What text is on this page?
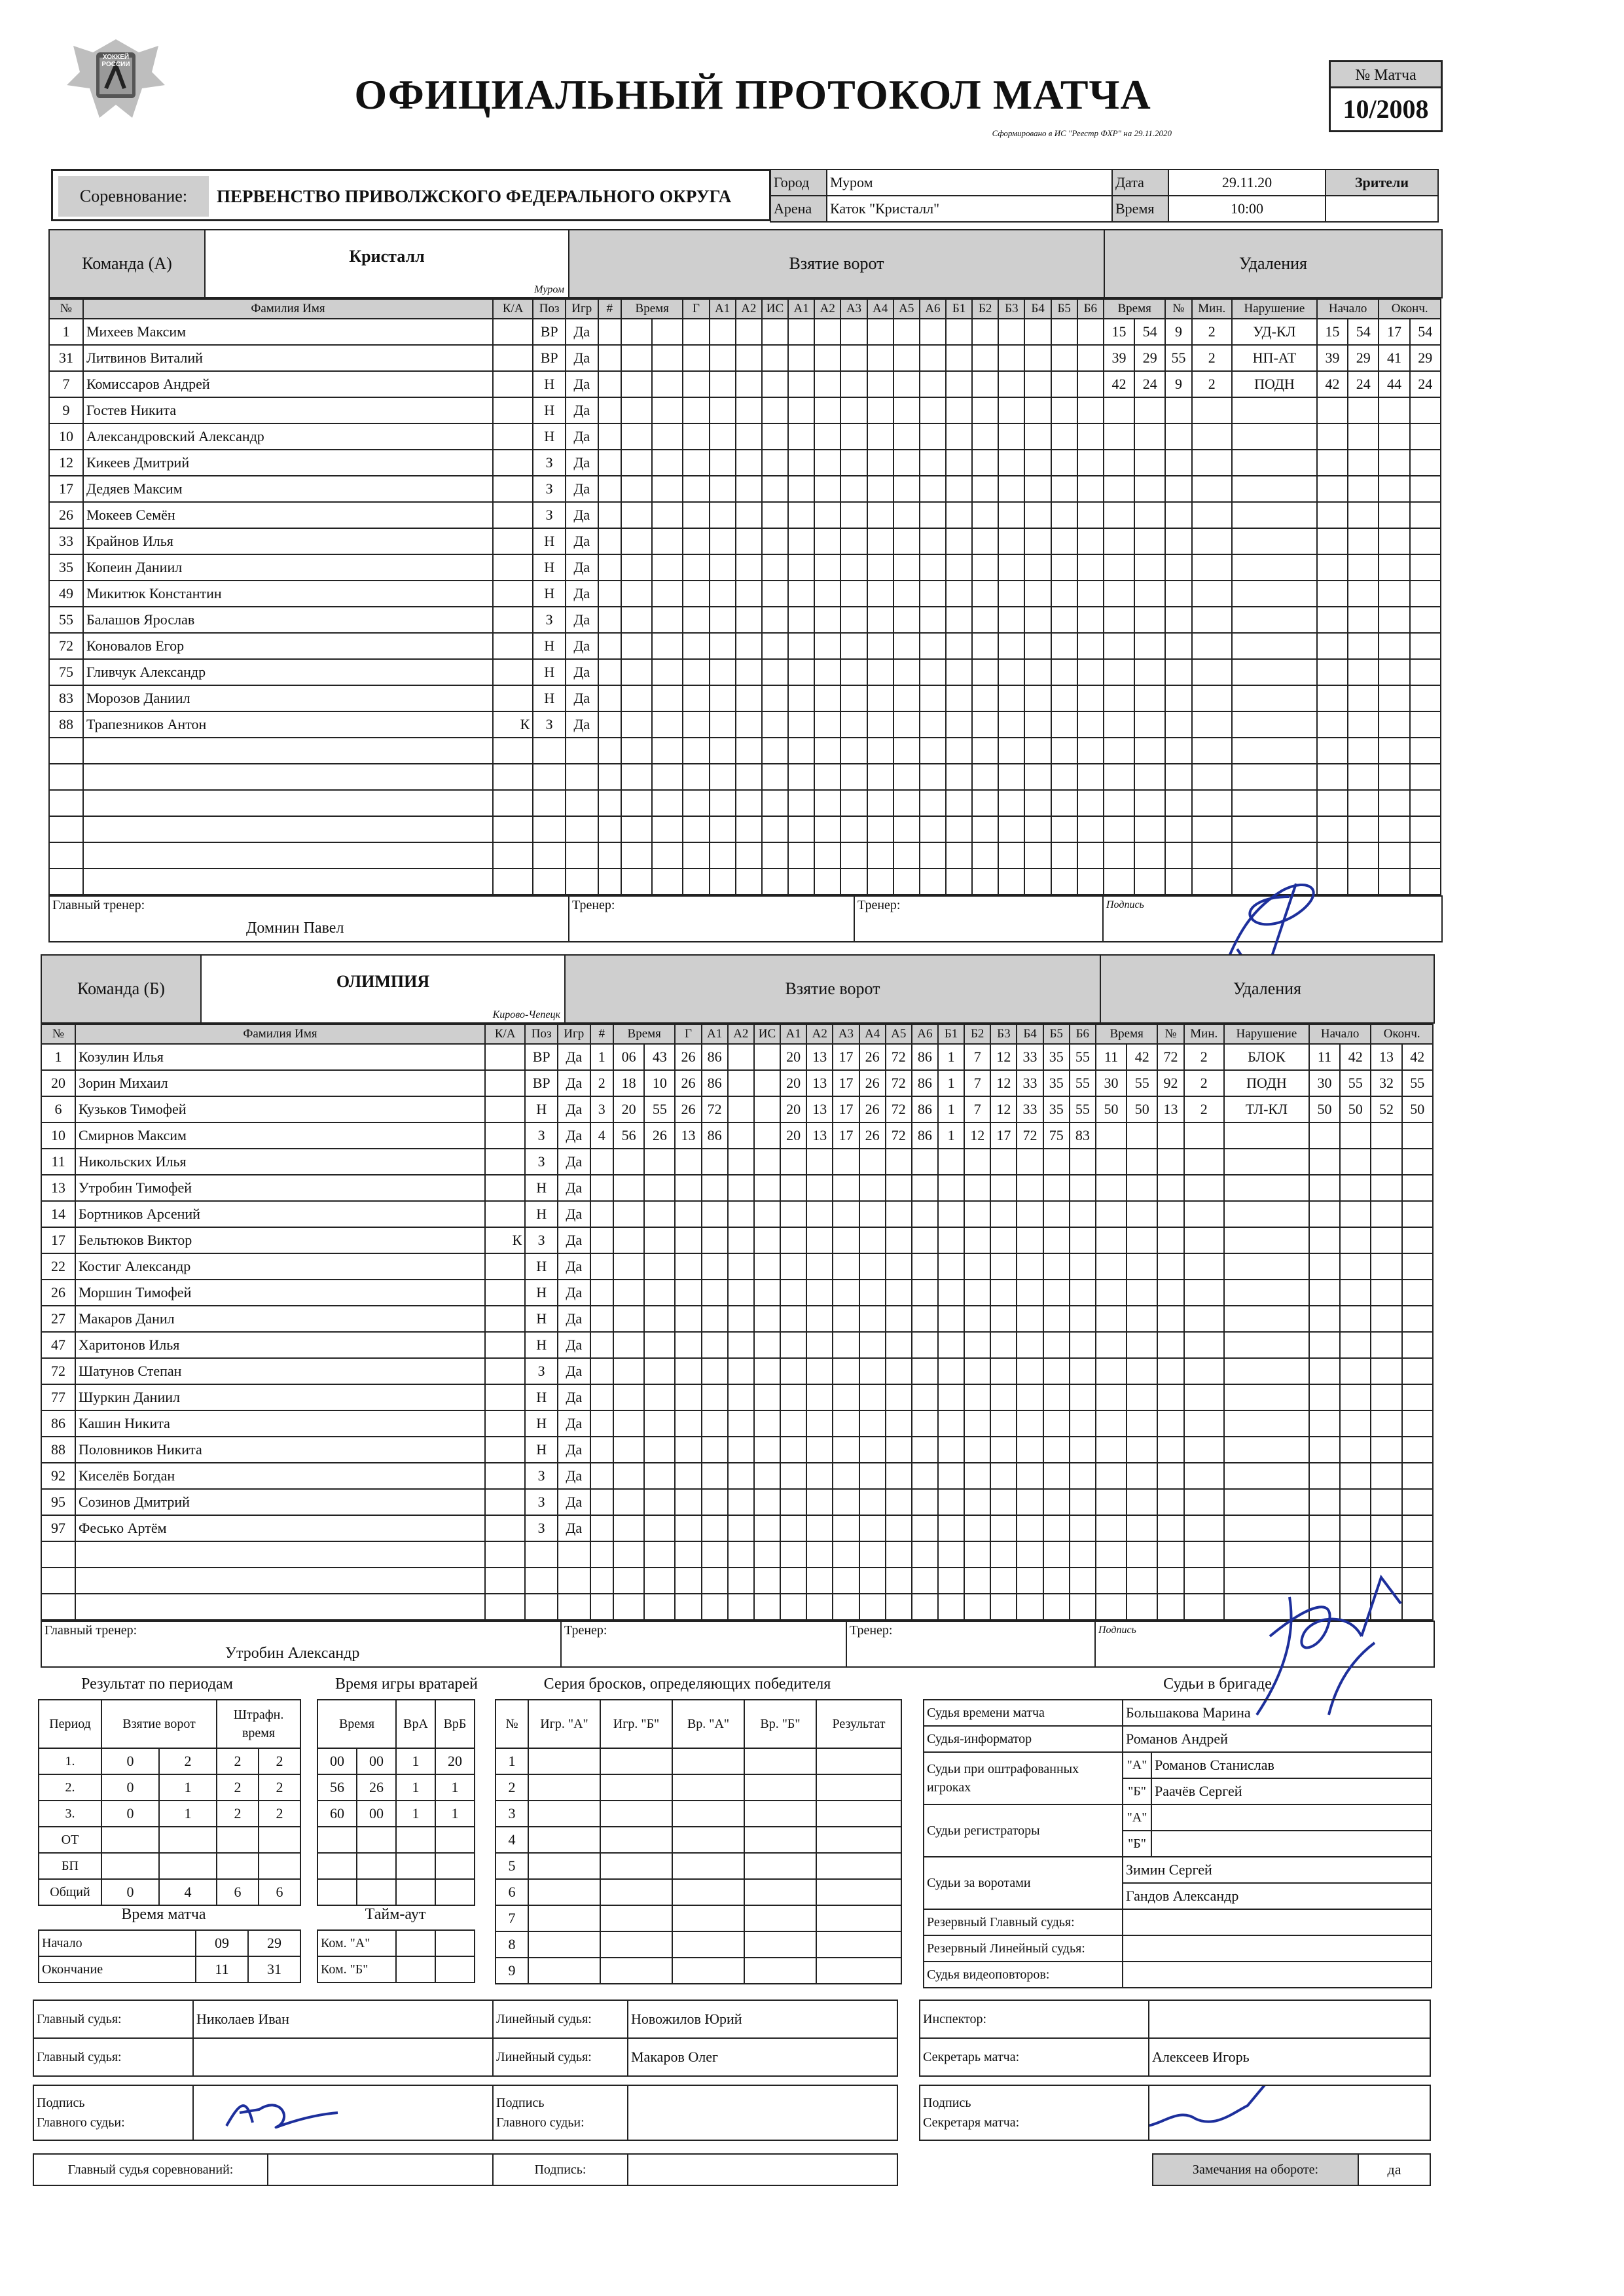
ХОККЕЙ РОССИИ
ОФИЦИАЛЬНЫЙ ПРОТОКОЛ МАТЧА
Сформировано в ИС "Реестр ФХР" на 29.11.2020
№ Матча
10/2008
Соревнование:	ПЕРВЕНСТВО ПРИВОЛЖСКОГО ФЕДЕРАЛЬНОГО ОКРУГА
Город	Муром	Дата	29.11.20	Зрители
Арена	Каток "Кристалл"	Время	10:00	
Команда (А)	Кристалл
Муром
	Взятие ворот	Удаления
№	Фамилия Имя	К/А	Поз	Игр	#	Время		Г	А1	А2	ИС	А1	А2	А3	А4	А5	А6	Б1	Б2	Б3	Б4	Б5	Б6	Время		№	Мин.	Нарушение	Начало		Оконч.	
1	Михеев Максим		ВР	Да																				15	54	9	2	УД-КЛ	15	54	17	54
31	Литвинов Виталий		ВР	Да																				39	29	55	2	НП-АТ	39	29	41	29
7	Комиссаров Андрей		Н	Да																				42	24	9	2	ПОДН	42	24	44	24
9	Гостев Никита		Н	Да																												
10	Александровский Александр		Н	Да																												
12	Кикеев Дмитрий		З	Да																												
17	Дедяев Максим		З	Да																												
26	Мокеев Семён		З	Да																												
33	Крайнов Илья		Н	Да																												
35	Копеин Даниил		Н	Да																												
49	Микитюк Константин		Н	Да																												
55	Балашов Ярослав		З	Да																												
72	Коновалов Егор		Н	Да																												
75	Гливчук Александр		Н	Да																												
83	Морозов Даниил		Н	Да																												
88	Трапезников Антон	К	З	Да																												

Главный тренер:
Домнин Павел

Тренер:	Тренер:	Подпись
Команда (Б)	ОЛИМПИЯ
Кирово-Чепецк
	Взятие ворот	Удаления
№	Фамилия Имя	К/А	Поз	Игр	#	Время		Г	А1	А2	ИС	А1	А2	А3	А4	А5	А6	Б1	Б2	Б3	Б4	Б5	Б6	Время		№	Мин.	Нарушение	Начало		Оконч.	
1	Козулин Илья		ВР	Да	1	06	43	26	86			20	13	17	26	72	86	1	7	12	33	35	55	11	42	72	2	БЛОК	11	42	13	42
20	Зорин Михаил		ВР	Да	2	18	10	26	86			20	13	17	26	72	86	1	7	12	33	35	55	30	55	92	2	ПОДН	30	55	32	55
6	Кузьков Тимофей		Н	Да	3	20	55	26	72			20	13	17	26	72	86	1	7	12	33	35	55	50	50	13	2	ТЛ-КЛ	50	50	52	50
10	Смирнов Максим		З	Да	4	56	26	13	86			20	13	17	26	72	86	1	12	17	72	75	83									
11	Никольских Илья		З	Да																												
13	Утробин Тимофей		Н	Да																												
14	Бортников Арсений		Н	Да																												
17	Бельтюков Виктор	К	З	Да																												
22	Костиг Александр		Н	Да																												
26	Моршин Тимофей		Н	Да																												
27	Макаров Данил		Н	Да																												
47	Харитонов Илья		Н	Да																												
72	Шатунов Степан		З	Да																												
77	Шуркин Даниил		Н	Да																												
86	Кашин Никита		Н	Да																												
88	Половников Никита		Н	Да																												
92	Киселёв Богдан		З	Да																												
95	Созинов Дмитрий		З	Да																												
97	Феськo Артём		З	Да																												

Главный тренер:
Утробин Александр

Тренер:	Тренер:	Подпись
Результат по периодам
Период	Взятие ворот		Штрафн. время	
1.	0	2	2	2
2.	0	1	2	2
3.	0	1	2	2
ОТ				
БП				
Общий	0	4	6	6
Время игры вратарей
Время		ВрА	ВрБ
00	00	1	20
56	26	1	1
60	00	1	1

Время матча
Начало	09	29
Окончание	11	31
Тайм-аут
Ком. "А"		
Ком. "Б"		
Серия бросков, определяющих победителя
№	Игр. "А"	Игр. "Б"	Вр. "А"	Вр. "Б"	Результат
1					
2					
3					
4					
5					
6					
7					
8					
9					
Судьи в бригаде
Судья времени матча	Большакова Марина	
Судья-информатор	Романов Андрей	
Судьи при оштрафованных игроках	"А"	Романов Станислав
	"Б"	Раачёв Сергей
Судьи регистраторы	"А"	
	"Б"	
Судьи за воротами	Зимин Сергей	
	Гандов Александр	
Резервный Главный судья:		
Резервный Линейный судья:		
Судья видеоповторов:		
Главный судья:	Николаев Иван	Линейный судья:	Новожилов Юрий
Главный судья:		Линейный судья:	Макаров Олег
Инспектор:	
Секретарь матча:	Алексеев Игорь
Подпись
Главного судьи:

Подпись
Главного судьи:

Подпись
Секретаря матча:

Главный судья соревнований:		Подпись:		Замечания на обороте:	да
